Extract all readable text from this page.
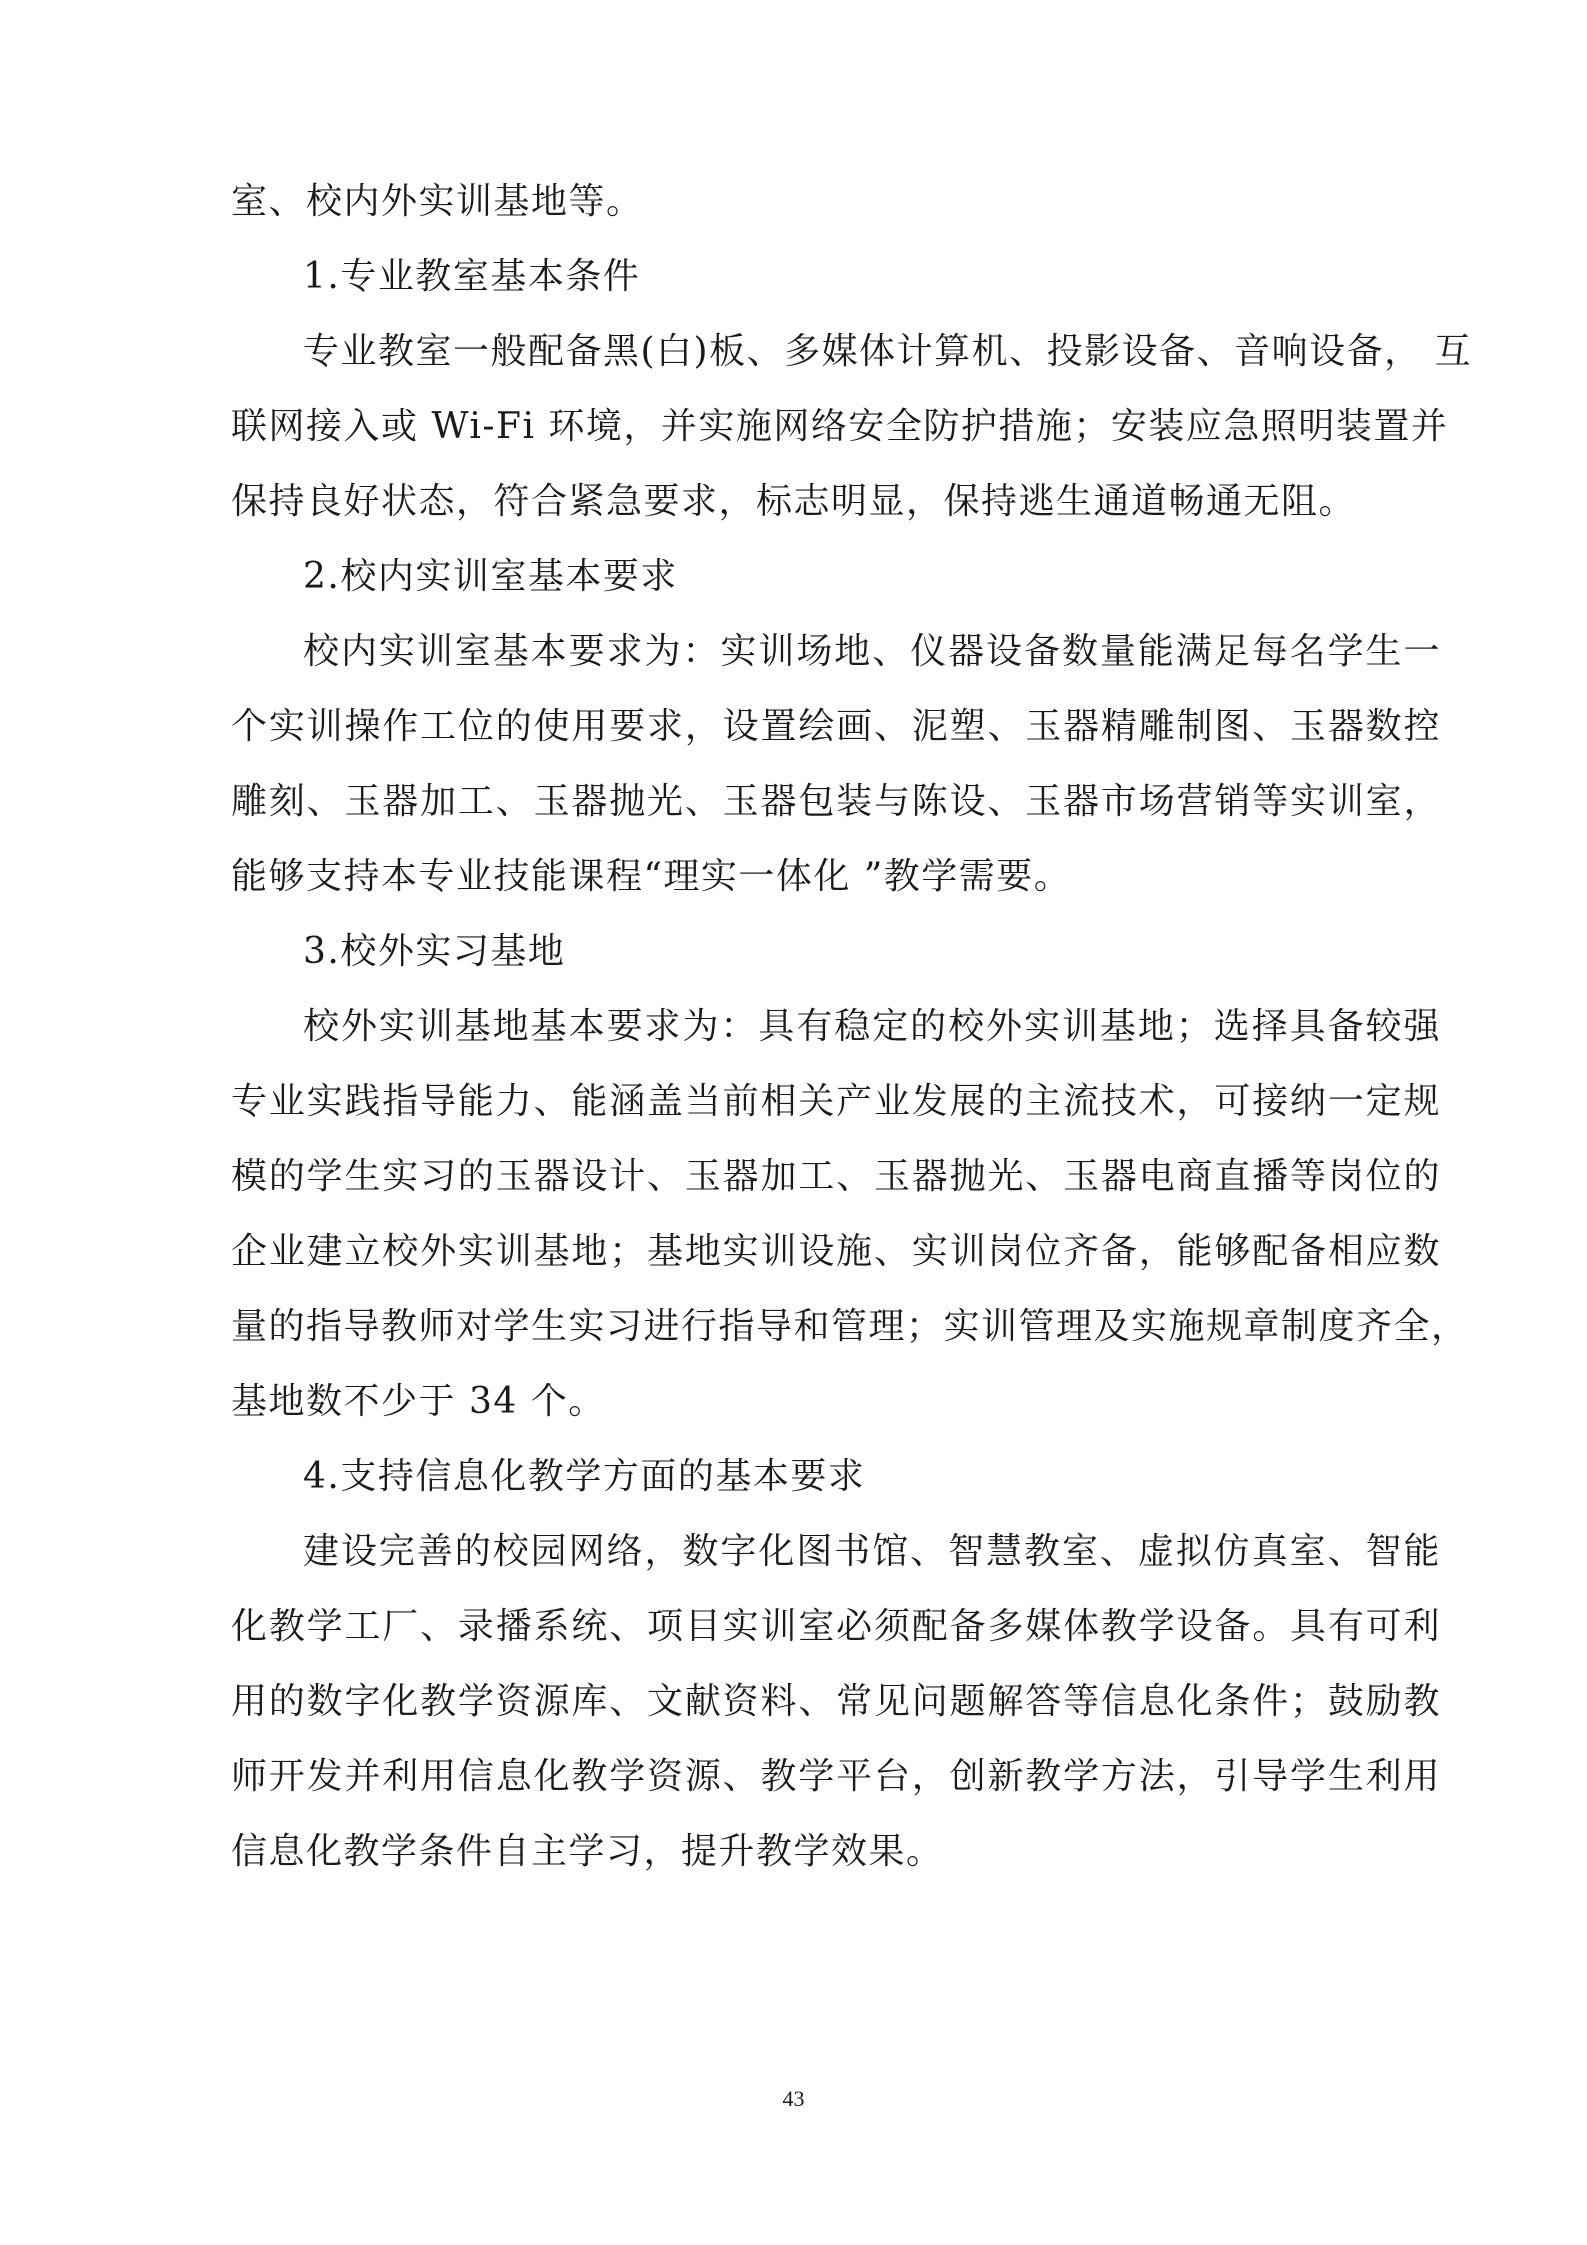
室、校内外实训基地等。
1.专业教室基本条件
专业教室一般配备黑(白)板、多媒体计算机、投影设备、音响设备， 互
联网接入或 Wi-Fi 环境，并实施网络安全防护措施；安装应急照明装置并
保持良好状态，符合紧急要求，标志明显，保持逃生通道畅通无阻。
2.校内实训室基本要求
校内实训室基本要求为：实训场地、仪器设备数量能满足每名学生一
个实训操作工位的使用要求，设置绘画、泥塑、玉器精雕制图、玉器数控
雕刻、玉器加工、玉器抛光、玉器包装与陈设、玉器市场营销等实训室，
能够支持本专业技能课程“理实一体化 ”教学需要。
3.校外实习基地
校外实训基地基本要求为：具有稳定的校外实训基地；选择具备较强
专业实践指导能力、能涵盖当前相关产业发展的主流技术，可接纳一定规
模的学生实习的玉器设计、玉器加工、玉器抛光、玉器电商直播等岗位的
企业建立校外实训基地；基地实训设施、实训岗位齐备，能够配备相应数
量的指导教师对学生实习进行指导和管理；实训管理及实施规章制度齐全，
基地数不少于 34 个。
4.支持信息化教学方面的基本要求
建设完善的校园网络，数字化图书馆、智慧教室、虚拟仿真室、智能
化教学工厂、录播系统、项目实训室必须配备多媒体教学设备。具有可利
用的数字化教学资源库、文献资料、常见问题解答等信息化条件；鼓励教
师开发并利用信息化教学资源、教学平台，创新教学方法，引导学生利用
信息化教学条件自主学习，提升教学效果。
43
